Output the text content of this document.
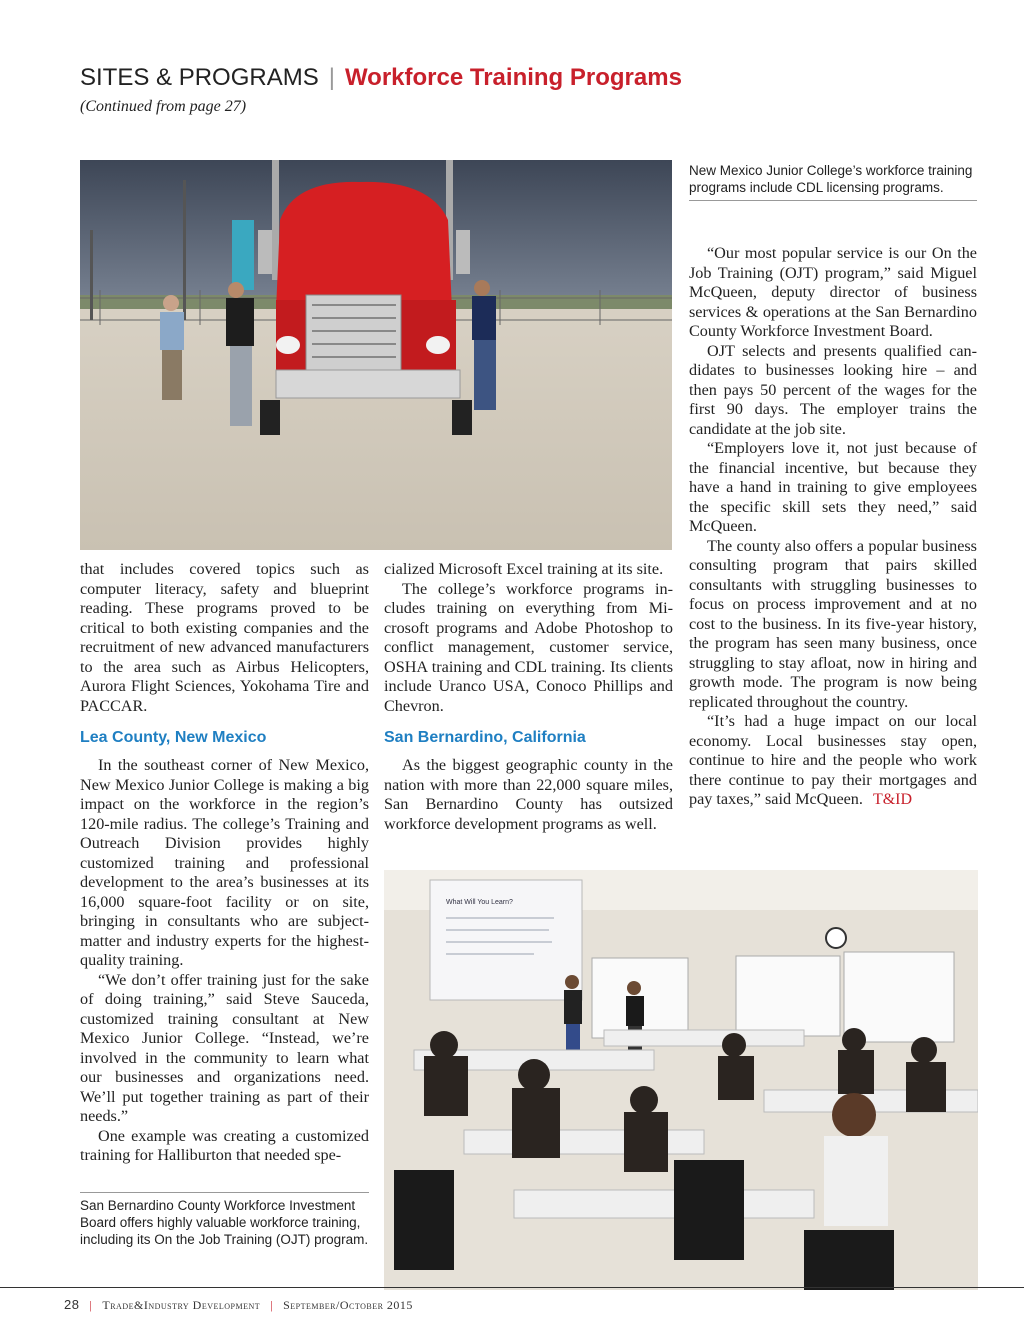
SITES & PROGRAMS | Workforce Training Programs
(Continued from page 27)
New Mexico Junior College’s workforce training programs include CDL licensing programs.

that includes covered topics such as computer literacy, safety and blueprint reading. These programs proved to be critical to both existing companies and the recruitment of new advanced manufacturers to the area such as Airbus Helicopters, Aurora Flight Sciences, Yokohama Tire and PACCAR.

Lea County, New Mexico

In the southeast corner of New Mexico, New Mexico Junior College is making a big impact on the workforce in the region’s 120-mile radius. The college’s Training and Outreach Division provides highly customized training and professional development to the area’s businesses at its 16,000 square-foot facility or on site, bringing in consultants who are subject-matter and industry experts for the highest-quality training.

“We don’t offer training just for the sake of doing training,” said Steve Sauceda, customized training consultant at New Mexico Junior College. “Instead, we’re involved in the community to learn what our businesses and organizations need. We’ll put together training as part of their needs.”

One example was creating a customized training for Halliburton that needed spe-

cialized Microsoft Excel training at its site.

The college’s workforce programs includes training on everything from Microsoft programs and Adobe Photoshop to conflict management, customer service, OSHA training and CDL training. Its clients include Uranco USA, Conoco Phillips and Chevron.

San Bernardino, California

As the biggest geographic county in the nation with more than 22,000 square miles, San Bernardino County has outsized workforce development programs as well.

“Our most popular service is our On the Job Training (OJT) program,” said Miguel McQueen, deputy director of business services & operations at the San Bernardino County Workforce Investment Board.

OJT selects and presents qualified candidates to businesses looking hire – and then pays 50 percent of the wages for the first 90 days. The employer trains the candidate at the job site.

“Employers love it, not just because of the financial incentive, but because they have a hand in training to give employees the specific skill sets they need,” said McQueen.

The county also offers a popular business consulting program that pairs skilled consultants with struggling businesses to focus on process improvement and at no cost to the business. In its five-year history, the program has seen many business, once struggling to stay afloat, now in hiring and growth mode. The program is now being replicated throughout the country.

“It’s had a huge impact on our local economy. Local businesses stay open, continue to hire and the people who work there continue to pay their mortgages and pay taxes,” said McQueen. T&ID

What Will You Learn?
San Bernardino County Workforce Investment Board offers highly valuable workforce training, including its On the Job Training (OJT) program.
28 | Trade&Industry Development | September/October 2015
